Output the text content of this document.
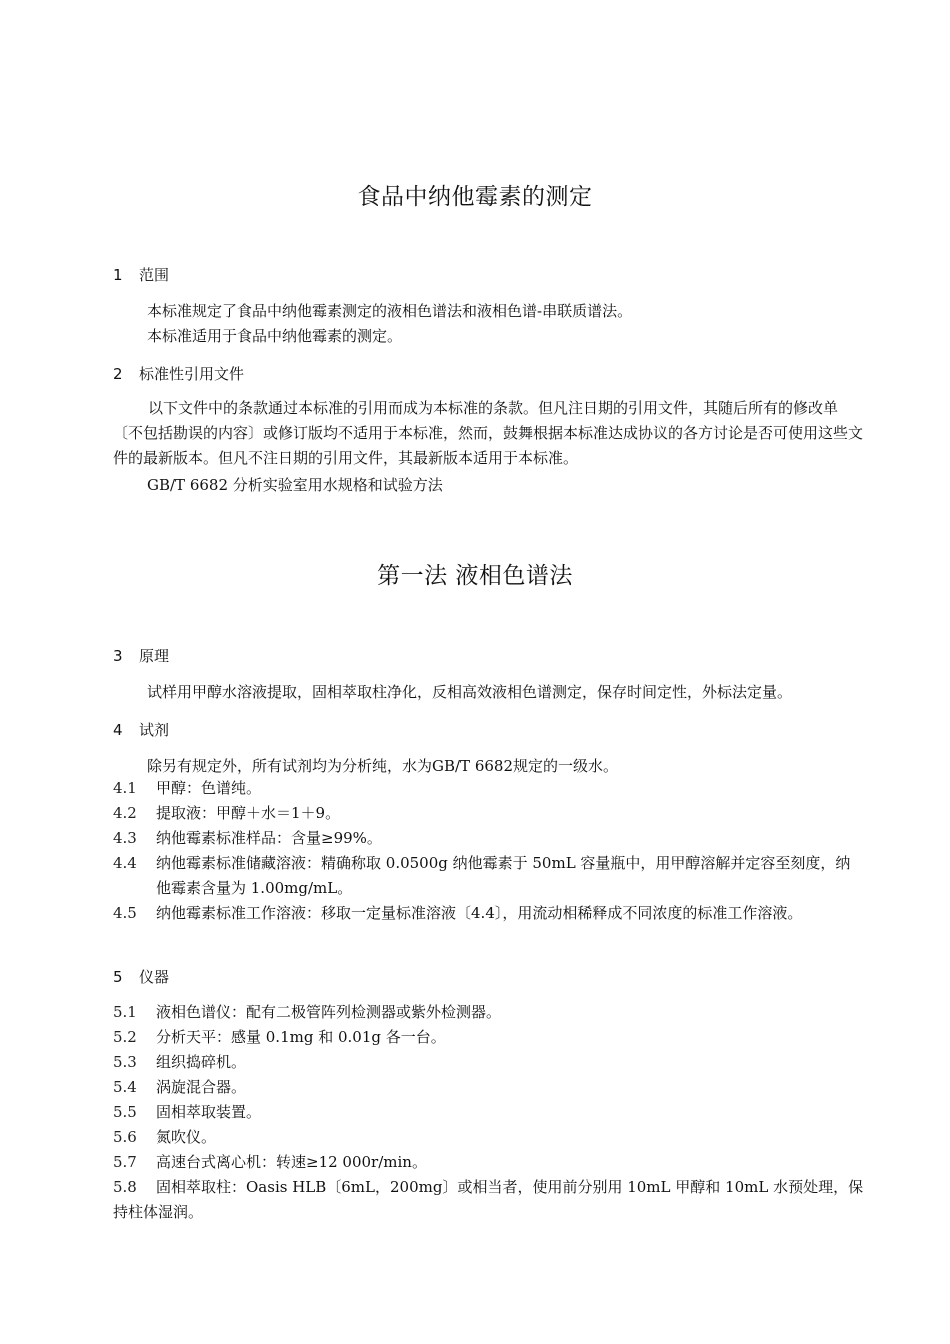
食品中纳他霉素的测定
1 范围
本标准规定了食品中纳他霉素测定的液相色谱法和液相色谱-串联质谱法。
本标准适用于食品中纳他霉素的测定。
2 标准性引用文件
以下文件中的条款通过本标准的引用而成为本标准的条款。但凡注日期的引用文件，其随后所有的修改单〔不包括勘误的内容〕或修订版均不适用于本标准，然而，鼓舞根据本标准达成协议的各方讨论是否可使用这些文件的最新版本。但凡不注日期的引用文件，其最新版本适用于本标准。
GB/T 6682 分析实验室用水规格和试验方法
第一法 液相色谱法
3 原理
试样用甲醇水溶液提取，固相萃取柱净化，反相高效液相色谱测定，保存时间定性，外标法定量。
4 试剂
除另有规定外，所有试剂均为分析纯，水为GB/T 6682规定的一级水。
4.1 甲醇：色谱纯。
4.2 提取液：甲醇＋水＝1＋9。
4.3 纳他霉素标准样品：含量≥99%。
4.4 纳他霉素标准储藏溶液：精确称取 0.0500g 纳他霉素于 50mL 容量瓶中，用甲醇溶解并定容至刻度，纳他霉素含量为 1.00mg/mL。
4.5 纳他霉素标准工作溶液：移取一定量标准溶液〔4.4〕，用流动相稀释成不同浓度的标准工作溶液。
5 仪器
5.1 液相色谱仪：配有二极管阵列检测器或紫外检测器。
5.2 分析天平：感量 0.1mg 和 0.01g 各一台。
5.3 组织捣碎机。
5.4 涡旋混合器。
5.5 固相萃取装置。
5.6 氮吹仪。
5.7 高速台式离心机：转速≥12 000r/min。
5.8 固相萃取柱：Oasis HLB〔6mL，200mg〕或相当者，使用前分别用 10mL 甲醇和 10mL 水预处理，保持柱体湿润。
